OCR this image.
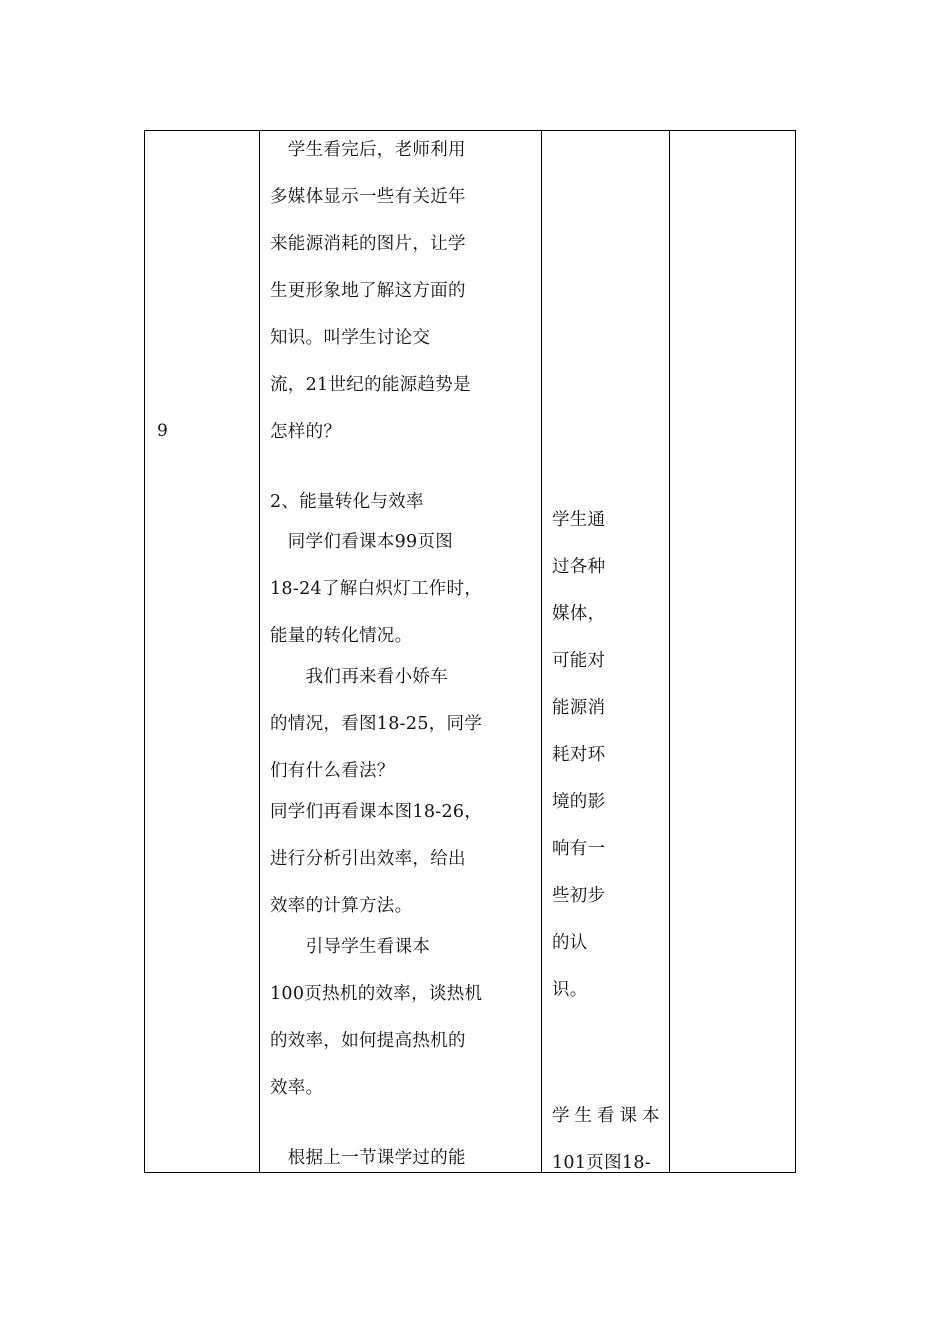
9
　学生看完后，老师利用
多媒体显示一些有关近年
来能源消耗的图片，让学
生更形象地了解这方面的
知识。叫学生讨论交
流，21世纪的能源趋势是
怎样的？
2、能量转化与效率
　同学们看课本99页图
18-24了解白炽灯工作时，
能量的转化情况。
　　我们再来看小娇车
的情况，看图18-25，同学
们有什么看法？
同学们再看课本图18-26，
进行分析引出效率，给出
效率的计算方法。
　　引导学生看课本
100页热机的效率，谈热机
的效率，如何提高热机的
效率。
　根据上一节课学过的能
学生通
过各种
媒体，
可能对
能源消
耗对环
境的影
响有一
些初步
的认
识。
学生看课本
101页图18-
